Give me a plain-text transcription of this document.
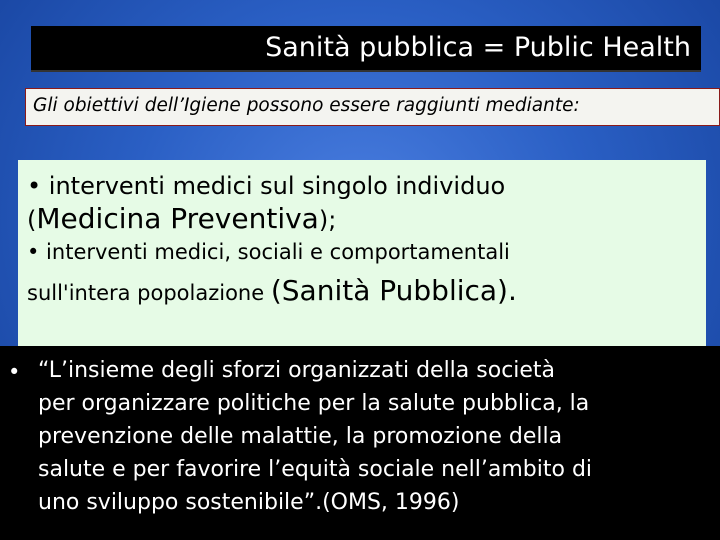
Sanità pubblica = Public Health
Gli obiettivi dell’Igiene possono essere raggiunti mediante:
• interventi medici sul singolo individuo
(Medicina Preventiva);
• interventi medici, sociali e comportamentali
sull'intera popolazione (Sanità Pubblica).
• “L’insieme degli sforzi organizzati della società
per organizzare politiche per la salute pubblica, la
prevenzione delle malattie, la promozione della
salute e per favorire l’equità sociale nell’ambito di
uno sviluppo sostenibile”.(OMS, 1996)
